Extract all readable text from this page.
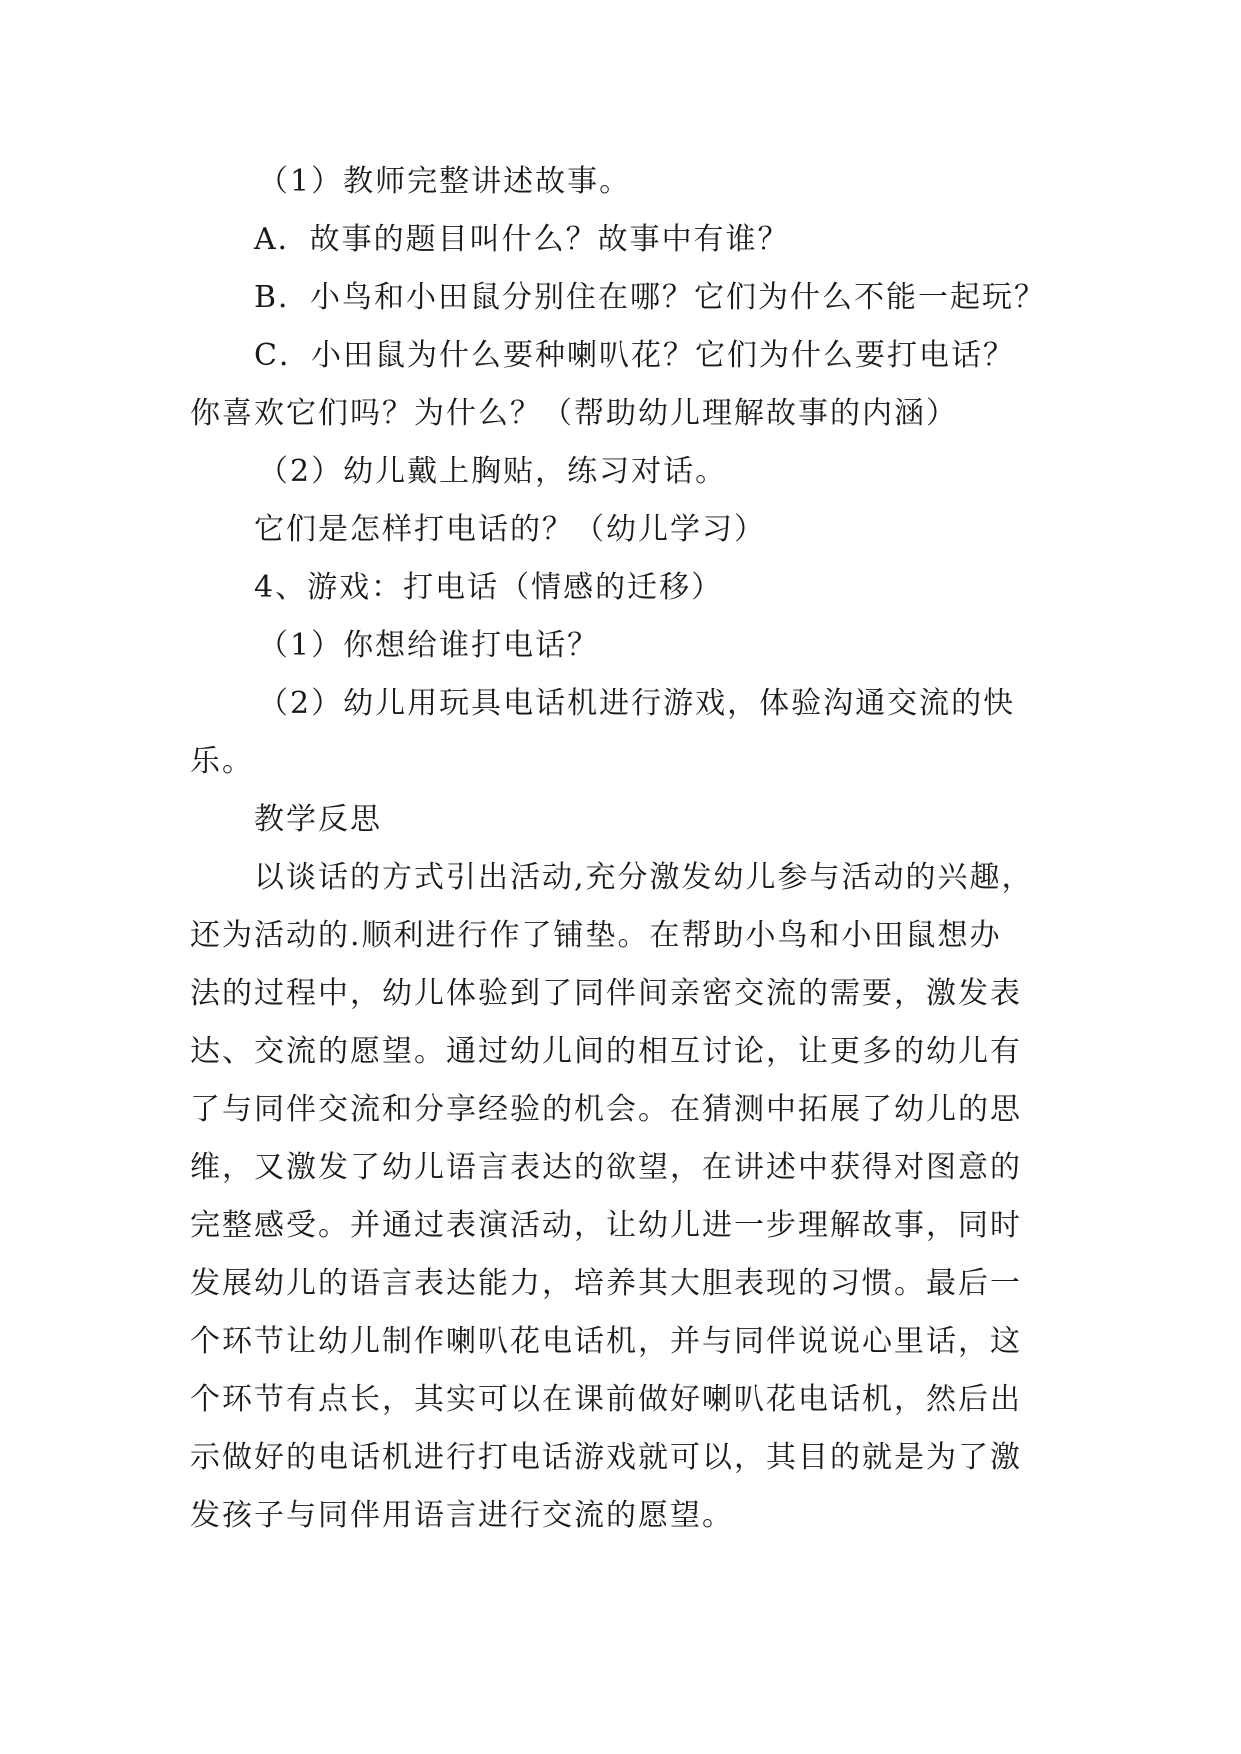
（1）教师完整讲述故事。
A．故事的题目叫什么？故事中有谁？
B．小鸟和小田鼠分别住在哪？它们为什么不能一起玩？
C．小田鼠为什么要种喇叭花？它们为什么要打电话？
你喜欢它们吗？为什么？（帮助幼儿理解故事的内涵）
（2）幼儿戴上胸贴，练习对话。
它们是怎样打电话的？（幼儿学习）
4、游戏：打电话（情感的迁移）
（1）你想给谁打电话？
（2）幼儿用玩具电话机进行游戏，体验沟通交流的快
乐。
教学反思
以谈话的方式引出活动,充分激发幼儿参与活动的兴趣，
还为活动的.顺利进行作了铺垫。在帮助小鸟和小田鼠想办
法的过程中，幼儿体验到了同伴间亲密交流的需要，激发表
达、交流的愿望。通过幼儿间的相互讨论，让更多的幼儿有
了与同伴交流和分享经验的机会。在猜测中拓展了幼儿的思
维，又激发了幼儿语言表达的欲望，在讲述中获得对图意的
完整感受。并通过表演活动，让幼儿进一步理解故事，同时
发展幼儿的语言表达能力，培养其大胆表现的习惯。最后一
个环节让幼儿制作喇叭花电话机，并与同伴说说心里话，这
个环节有点长，其实可以在课前做好喇叭花电话机，然后出
示做好的电话机进行打电话游戏就可以，其目的就是为了激
发孩子与同伴用语言进行交流的愿望。
